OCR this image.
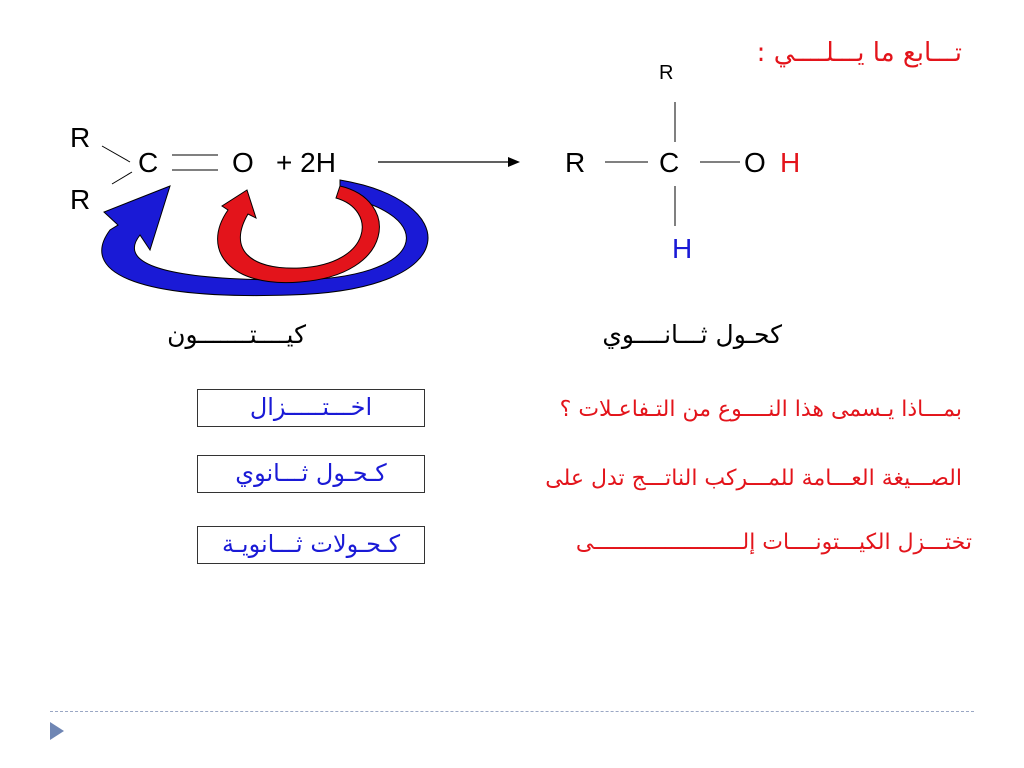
تـــابع ما يـــلــــي :
R
R
C	O + 2H
R
R	C O H
H
كيــــتـــــــون	كحـول ثـــانــــوي
اخـــتـــــزال	بمـــاذا يـسمى هذا النــــوع من التـفاعـلات ؟
كـحـول ثـــانوي	الصـــيغة العـــامة للمـــركب الناتـــج تدل على
كـحـولات ثـــانويـة	تختـــزل الكيـــتونــــات إلـــــــــــــــــــــــى
